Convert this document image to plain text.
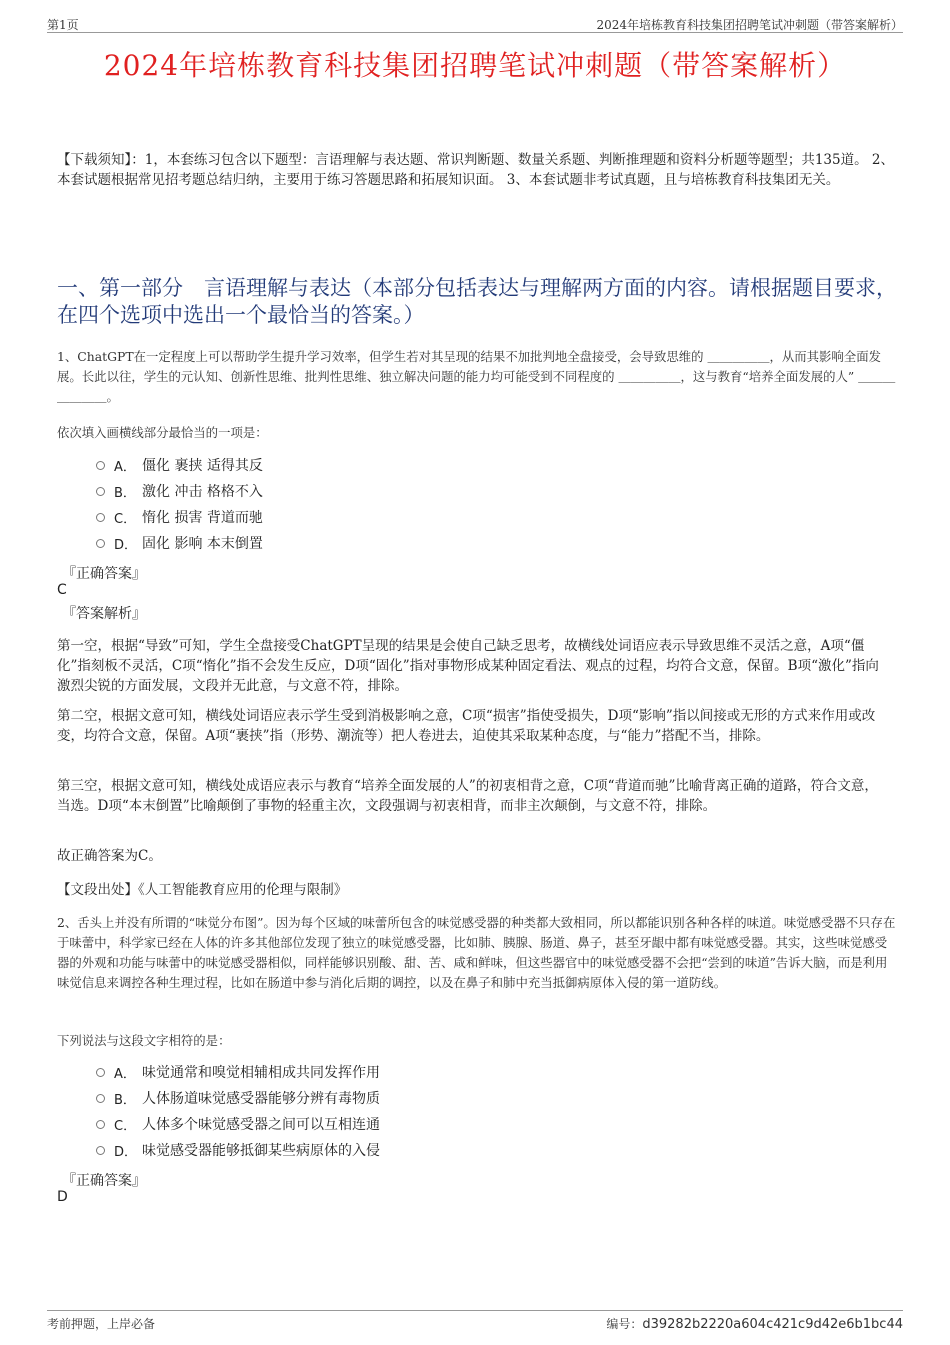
第1页	2024年培栋教育科技集团招聘笔试冲刺题（带答案解析）
2024年培栋教育科技集团招聘笔试冲刺题（带答案解析）
【下载须知】：1，本套练习包含以下题型：言语理解与表达题、常识判断题、数量关系题、判断推理题和资料分析题等题型；共135道。 2、本套试题根据常见招考题总结归纳，主要用于练习答题思路和拓展知识面。 3、本套试题非考试真题，且与培栋教育科技集团无关。
一、第一部分　言语理解与表达（本部分包括表达与理解两方面的内容。请根据题目要求，在四个选项中选出一个最恰当的答案。）
1、ChatGPT在一定程度上可以帮助学生提升学习效率，但学生若对其呈现的结果不加批判地全盘接受，会导致思维的 ＿＿＿＿＿，从而其影响全面发展。长此以往，学生的元认知、创新性思维、批判性思维、独立解决问题的能力均可能受到不同程度的 ＿＿＿＿＿，这与教育“培养全面发展的人” ＿＿＿＿＿＿＿。
依次填入画横线部分最恰当的一项是：
A． 僵化 裹挟 适得其反
B． 激化 冲击 格格不入
C． 惰化 损害 背道而驰
D． 固化 影响 本末倒置
『正确答案』
C
『答案解析』
第一空，根据“导致”可知，学生全盘接受ChatGPT呈现的结果是会使自己缺乏思考，故横线处词语应表示导致思维不灵活之意，A项“僵化”指刻板不灵活，C项“惰化”指不会发生反应，D项“固化”指对事物形成某种固定看法、观点的过程，均符合文意，保留。B项“激化”指向激烈尖锐的方面发展，文段并无此意，与文意不符，排除。
第二空，根据文意可知，横线处词语应表示学生受到消极影响之意，C项“损害”指使受损失，D项“影响”指以间接或无形的方式来作用或改变，均符合文意，保留。A项“裹挟”指（形势、潮流等）把人卷进去，迫使其采取某种态度，与“能力”搭配不当，排除。
第三空，根据文意可知，横线处成语应表示与教育“培养全面发展的人”的初衷相背之意，C项“背道而驰”比喻背离正确的道路，符合文意，当选。D项“本末倒置”比喻颠倒了事物的轻重主次，文段强调与初衷相背，而非主次颠倒，与文意不符，排除。
故正确答案为C。
【文段出处】《人工智能教育应用的伦理与限制》
2、舌头上并没有所谓的“味觉分布图”。因为每个区域的味蕾所包含的味觉感受器的种类都大致相同，所以都能识别各种各样的味道。味觉感受器不只存在于味蕾中，科学家已经在人体的许多其他部位发现了独立的味觉感受器，比如肺、胰腺、肠道、鼻子，甚至牙龈中都有味觉感受器。其实，这些味觉感受器的外观和功能与味蕾中的味觉感受器相似，同样能够识别酸、甜、苦、咸和鲜味，但这些器官中的味觉感受器不会把“尝到的味道”告诉大脑，而是利用味觉信息来调控各种生理过程，比如在肠道中参与消化后期的调控，以及在鼻子和肺中充当抵御病原体入侵的第一道防线。
下列说法与这段文字相符的是：
A． 味觉通常和嗅觉相辅相成共同发挥作用
B． 人体肠道味觉感受器能够分辨有毒物质
C． 人体多个味觉感受器之间可以互相连通
D． 味觉感受器能够抵御某些病原体的入侵
『正确答案』
D
考前押题，上岸必备	编号：d39282b2220a604c421c9d42e6b1bc44
